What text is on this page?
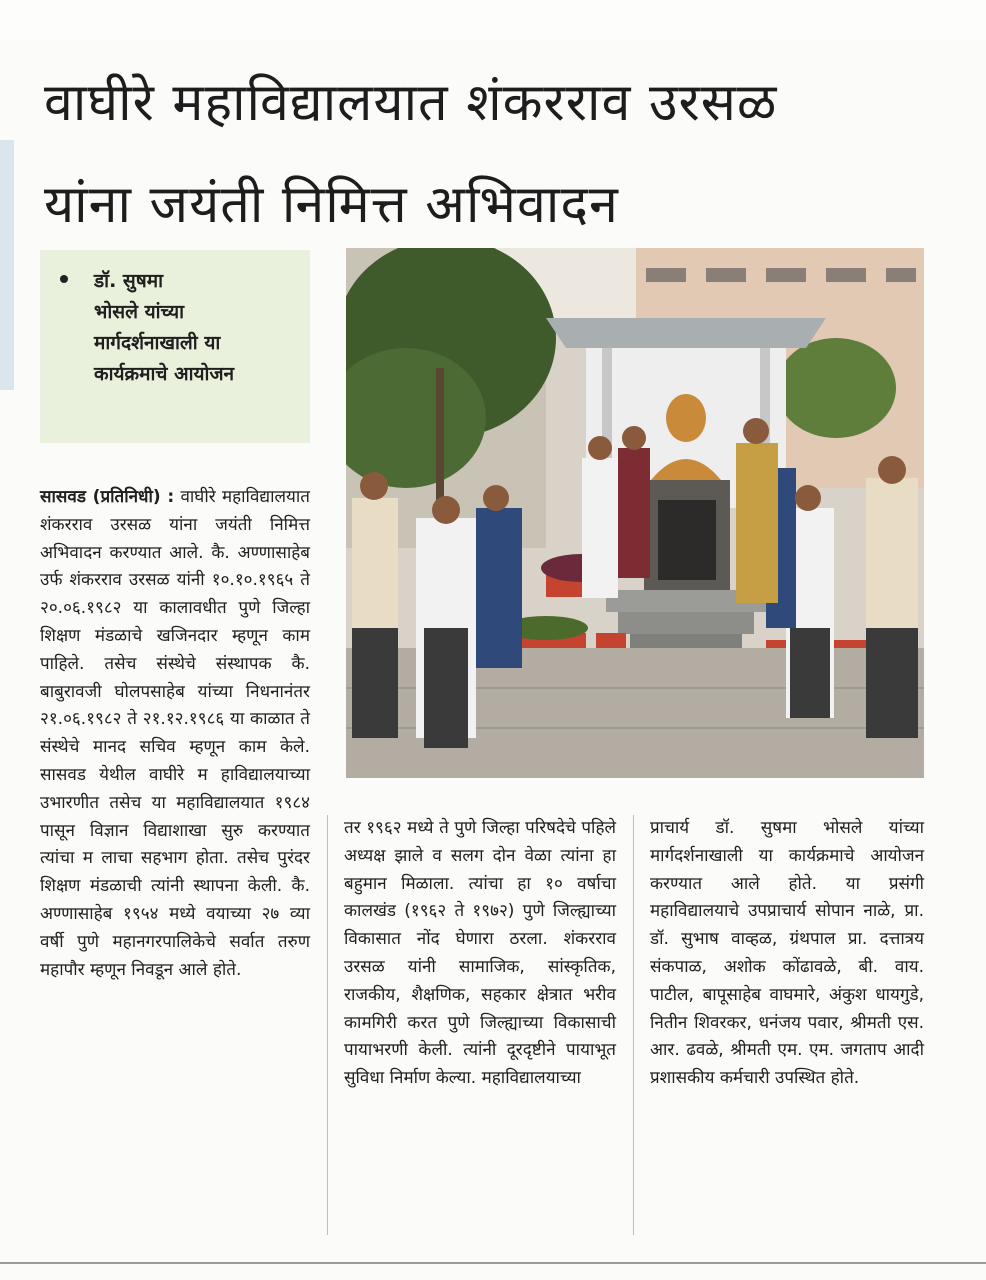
वाघीरे महाविद्यालयात शंकरराव उरसळ
यांना जयंती निमित्त अभिवादन

डॉ. सुषमा

भोसले यांच्या

मार्गदर्शनाखाली या

कार्यक्रमाचे आयोजन

सासवड (प्रतिनिधी) : वाघीरे महाविद्यालयात शंकरराव उरसळ यांना जयंती निमित्त अभिवादन करण्यात आले. कै. अण्णासाहेब उर्फ शंकरराव उरसळ यांनी १०.१०.१९६५ ते २०.०६.१९८२ या कालावधीत पुणे जिल्हा शिक्षण मंडळाचे खजिनदार म्हणून काम पाहिले. तसेच संस्थेचे संस्थापक कै. बाबुरावजी घोलपसाहेब यांच्या निधनानंतर २१.०६.१९८२ ते २१.१२.१९८६ या काळात ते संस्थेचे मानद सचिव म्हणून काम केले. सासवड येथील वाघीरे म हाविद्यालयाच्या उभारणीत तसेच या महाविद्यालयात १९८४ पासून विज्ञान विद्याशाखा सुरु करण्यात त्यांचा म लाचा सहभाग होता. तसेच पुरंदर शिक्षण मंडळाची त्यांनी स्थापना केली. कै. अण्णासाहेब १९५४ मध्ये वयाच्या २७ व्या वर्षी पुणे महानगरपालिकेचे सर्वात तरुण महापौर म्हणून निवडून आले होते.

तर १९६२ मध्ये ते पुणे जिल्हा परिषदेचे पहिले अध्यक्ष झाले व सलग दोन वेळा त्यांना हा बहुमान मिळाला. त्यांचा हा १० वर्षाचा कालखंड (१९६२ ते १९७२) पुणे जिल्ह्याच्या विकासात नोंद घेणारा ठरला. शंकरराव उरसळ यांनी सामाजिक, सांस्कृतिक, राजकीय, शैक्षणिक, सहकार क्षेत्रात भरीव कामगिरी करत पुणे जिल्ह्याच्या विकासाची पायाभरणी केली. त्यांनी दूरदृष्टीने पायाभूत सुविधा निर्माण केल्या. महाविद्यालयाच्या

प्राचार्य डॉ. सुषमा भोसले यांच्या मार्गदर्शनाखाली या कार्यक्रमाचे आयोजन करण्यात आले होते. या प्रसंगी महाविद्यालयाचे उपप्राचार्य सोपान नाळे, प्रा. डॉ. सुभाष वाव्हळ, ग्रंथपाल प्रा. दत्तात्रय संकपाळ, अशोक कोंढावळे, बी. वाय. पाटील, बापूसाहेब वाघमारे, अंकुश धायगुडे, नितीन शिवरकर, धनंजय पवार, श्रीमती एस. आर. ढवळे, श्रीमती एम. एम. जगताप आदी प्रशासकीय कर्मचारी उपस्थित होते.
